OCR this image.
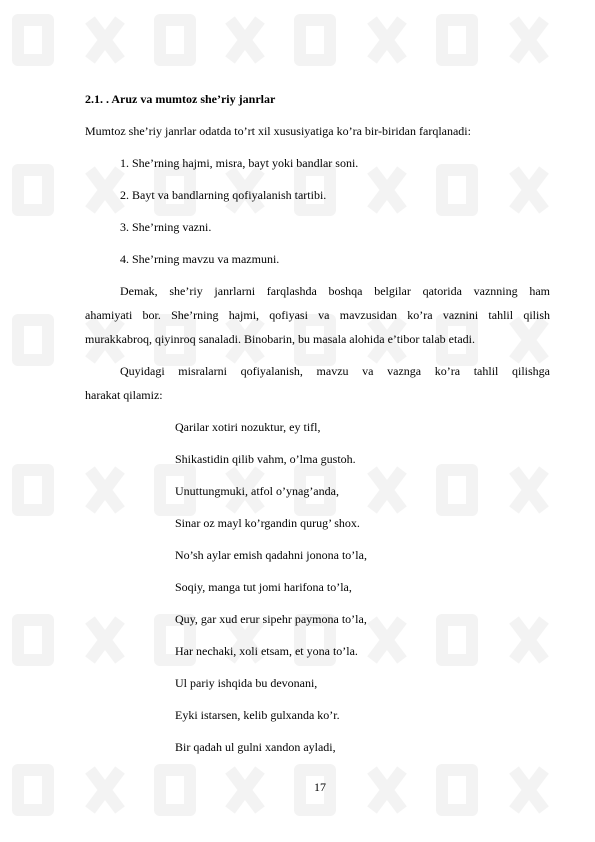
2.1. . Aruz va mumtoz she’riy janrlar
Mumtoz she’riy janrlar odatda to’rt xil xususiyatiga ko’ra bir-biridan farqlanadi:
1. She’rning hajmi, misra, bayt yoki bandlar soni.
2. Bayt va bandlarning qofiyalanish tartibi.
3. She’rning vazni.
4. She’rning mavzu va mazmuni.
Demak, she’riy janrlarni farqlashda boshqa belgilar qatorida vaznning ham
ahamiyati bor. She’rning hajmi, qofiyasi va mavzusidan ko’ra vaznini tahlil qilish
murakkabroq, qiyinroq sanaladi. Binobarin, bu masala alohida e’tibor talab etadi.
Quyidagi misralarni qofiyalanish, mavzu va vaznga ko’ra tahlil qilishga
harakat qilamiz:
Qarilar xotiri nozuktur, ey tifl,
Shikastidin qilib vahm, o’lma gustoh.
Unuttungmuki, atfol o’ynag’anda,
Sinar oz mayl ko’rgandin qurug’ shox.
No’sh aylar emish qadahni jonona to’la,
Soqiy, manga tut jomi harifona to’la,
Quy, gar xud erur sipehr paymona to’la,
Har nechaki, xoli etsam, et yona to’la.
Ul pariy ishqida bu devonani,
Eyki istarsen, kelib gulxanda ko’r.
Bir qadah ul gulni xandon ayladi,
17
